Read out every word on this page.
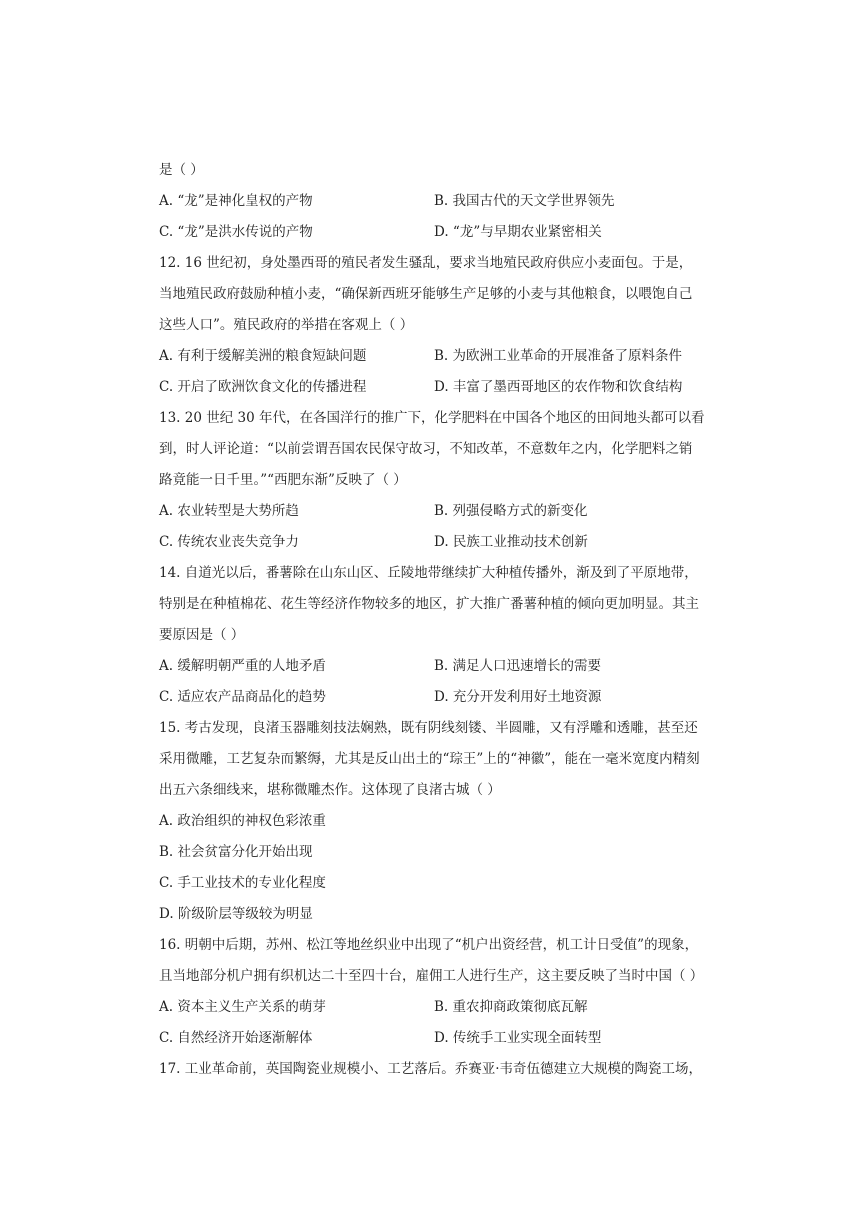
是（ ）
A. “龙”是神化皇权的产物	B. 我国古代的天文学世界领先
C. “龙”是洪水传说的产物	D. “龙”与早期农业紧密相关
12. 16 世纪初，身处墨西哥的殖民者发生骚乱，要求当地殖民政府供应小麦面包。于是，
当地殖民政府鼓励种植小麦，“确保新西班牙能够生产足够的小麦与其他粮食，以喂饱自己
这些人口”。殖民政府的举措在客观上（ ）
A. 有利于缓解美洲的粮食短缺问题	B. 为欧洲工业革命的开展准备了原料条件
C. 开启了欧洲饮食文化的传播进程	D. 丰富了墨西哥地区的农作物和饮食结构
13. 20 世纪 30 年代，在各国洋行的推广下，化学肥料在中国各个地区的田间地头都可以看
到，时人评论道：“以前尝谓吾国农民保守故习，不知改革，不意数年之内，化学肥料之销
路竟能一日千里。”“西肥东渐”反映了（ ）
A. 农业转型是大势所趋	B. 列强侵略方式的新变化
C. 传统农业丧失竞争力	D. 民族工业推动技术创新
14. 自道光以后，番薯除在山东山区、丘陵地带继续扩大种植传播外，渐及到了平原地带，
特别是在种植棉花、花生等经济作物较多的地区，扩大推广番薯种植的倾向更加明显。其主
要原因是（ ）
A. 缓解明朝严重的人地矛盾	B. 满足人口迅速增长的需要
C. 适应农产品商品化的趋势	D. 充分开发利用好土地资源
15. 考古发现，良渚玉器雕刻技法娴熟，既有阴线刻镂、半圆雕，又有浮雕和透雕，甚至还
采用微雕，工艺复杂而繁缛，尤其是反山出土的“琮王”上的“神徽”，能在一毫米宽度内精刻
出五六条细线来，堪称微雕杰作。这体现了良渚古城（ ）
A. 政治组织的神权色彩浓重
B. 社会贫富分化开始出现
C. 手工业技术的专业化程度
D. 阶级阶层等级较为明显
16. 明朝中后期，苏州、松江等地丝织业中出现了“机户出资经营，机工计日受值”的现象，
且当地部分机户拥有织机达二十至四十台，雇佣工人进行生产，这主要反映了当时中国（ ）
A. 资本主义生产关系的萌芽	B. 重农抑商政策彻底瓦解
C. 自然经济开始逐渐解体	D. 传统手工业实现全面转型
17. 工业革命前，英国陶瓷业规模小、工艺落后。乔赛亚·韦奇伍德建立大规模的陶瓷工场，
